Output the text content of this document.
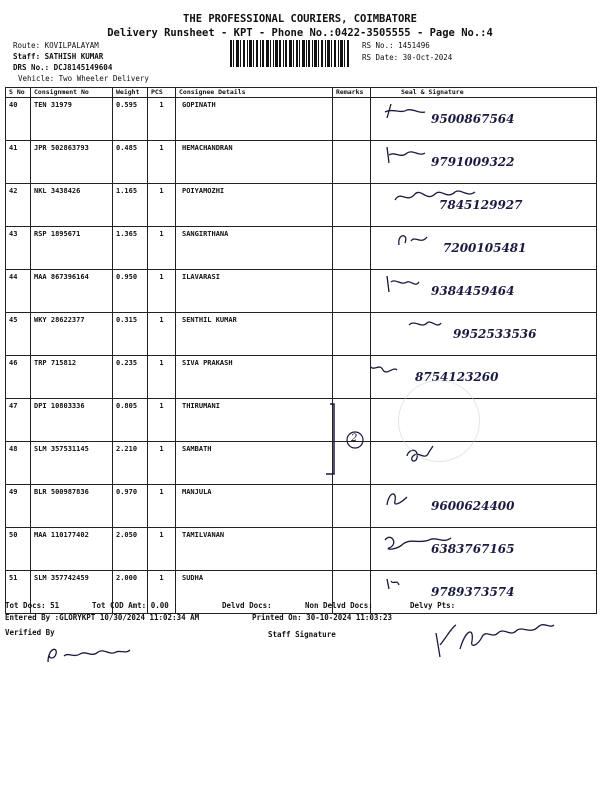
THE PROFESSIONAL COURIERS, COIMBATORE
Delivery Runsheet - KPT - Phone No.:0422-3505555 - Page No.:4
Route: KOVILPALAYAM
Staff: SATHISH KUMAR
DRS No.: DCJ8145149604
Vehicle: Two Wheeler Delivery
RS No.: 1451496
RS Date: 30-Oct-2024
S No	Consignment No	Weight	PCS	Consignee Details	Remarks	Seal & Signature
40	TEN 31979	0.595	1	GOPINATH		9500867564

41	JPR 502863793	0.485	1	HEMACHANDRAN		9791009322

42	NKL 3438426	1.165	1	POIYAMOZHI		7845129927

43	RSP 1895671	1.365	1	SANGIRTHANA		7200105481

44	MAA 867396164	0.950	1	ILAVARASI		9384459464

45	WKY 28622377	0.315	1	SENTHIL KUMAR		9952533536

46	TRP 715812	0.235	1	SIVA PRAKASH		8754123260

47	DPI 10803336	0.805	1	THIRUMANI		
48	SLM 357531145	2.210	1	SAMBATH		

49	BLR 500987836	0.970	1	MANJULA		9600624400

50	MAA 110177402	2.050	1	TAMILVANAN		6383767165

51	SLM 357742459	2.000	1	SUDHA		9789373574
2
Tot Docs: 51	Tot COD Amt: 0.00	Delvd Docs:	Non Delvd Docs:	Delvy Pts:
Entered By :GLORYKPT 10/30/2024 11:02:34 AM	Printed On: 30-10-2024 11:03:23
Verified By	Staff Signature
